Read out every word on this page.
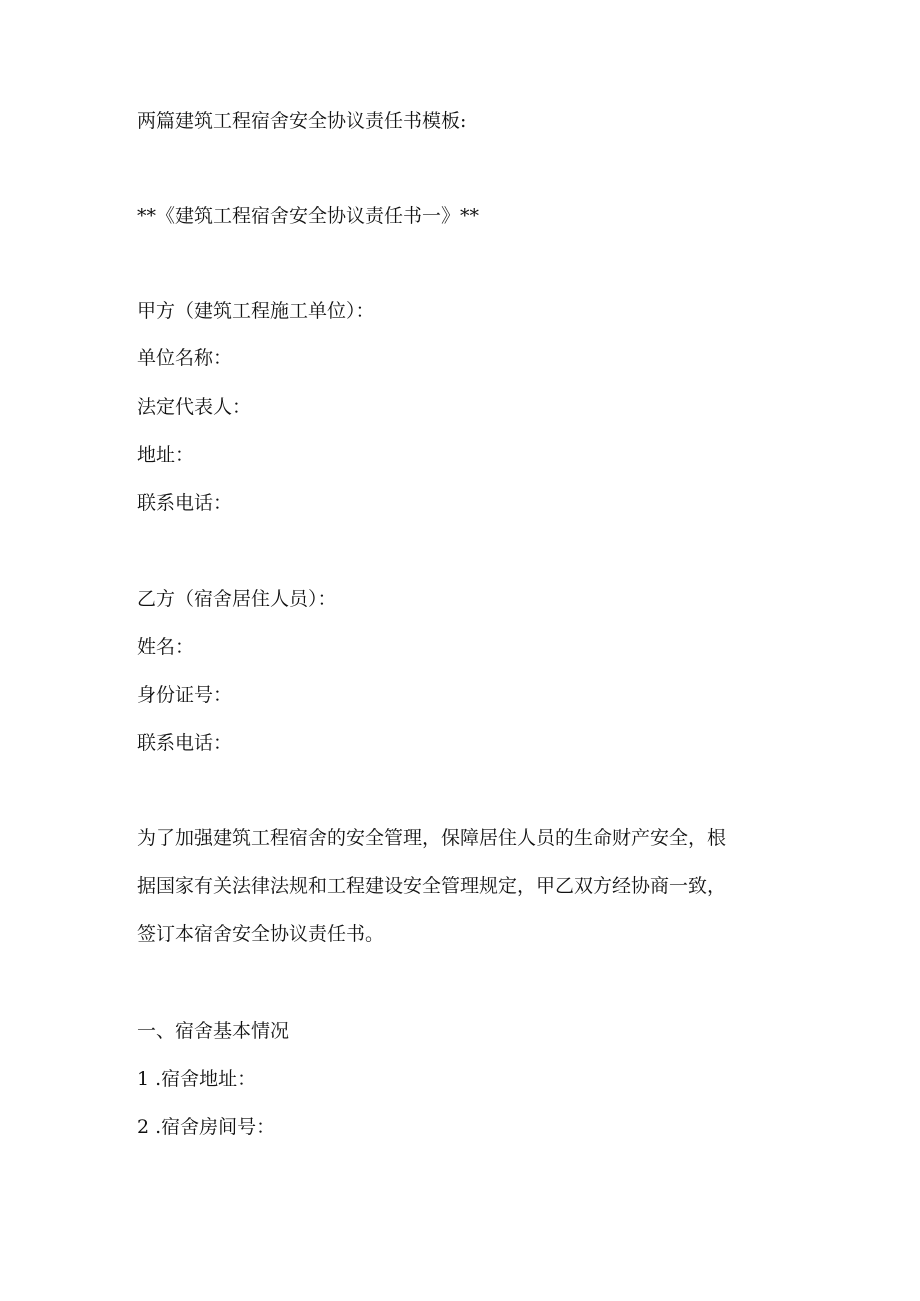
两篇建筑工程宿舍安全协议责任书模板:
**《建筑工程宿舍安全协议责任书一》**
甲方（建筑工程施工单位）：
单位名称：
法定代表人：
地址：
联系电话：
乙方（宿舍居住人员）：
姓名：
身份证号：
联系电话：
为了加强建筑工程宿舍的安全管理，保障居住人员的生命财产安全，根
据国家有关法律法规和工程建设安全管理规定，甲乙双方经协商一致，
签订本宿舍安全协议责任书。
一、宿舍基本情况
1 .宿舍地址：
2 .宿舍房间号：
